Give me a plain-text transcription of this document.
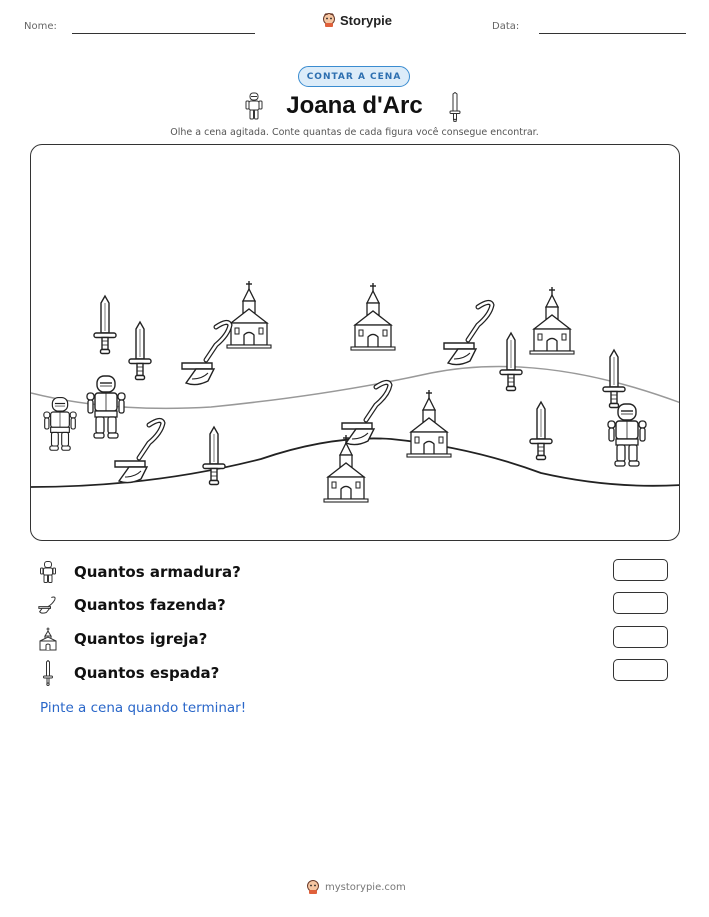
Nome:	Storypie	Data:
CONTAR A CENA
Joana d'Arc
Olhe a cena agitada. Conte quantas de cada figura você consegue encontrar.
Quantos armadura?
Quantos fazenda?
Quantos igreja?
Quantos espada?
Pinte a cena quando terminar!
mystorypie.com
